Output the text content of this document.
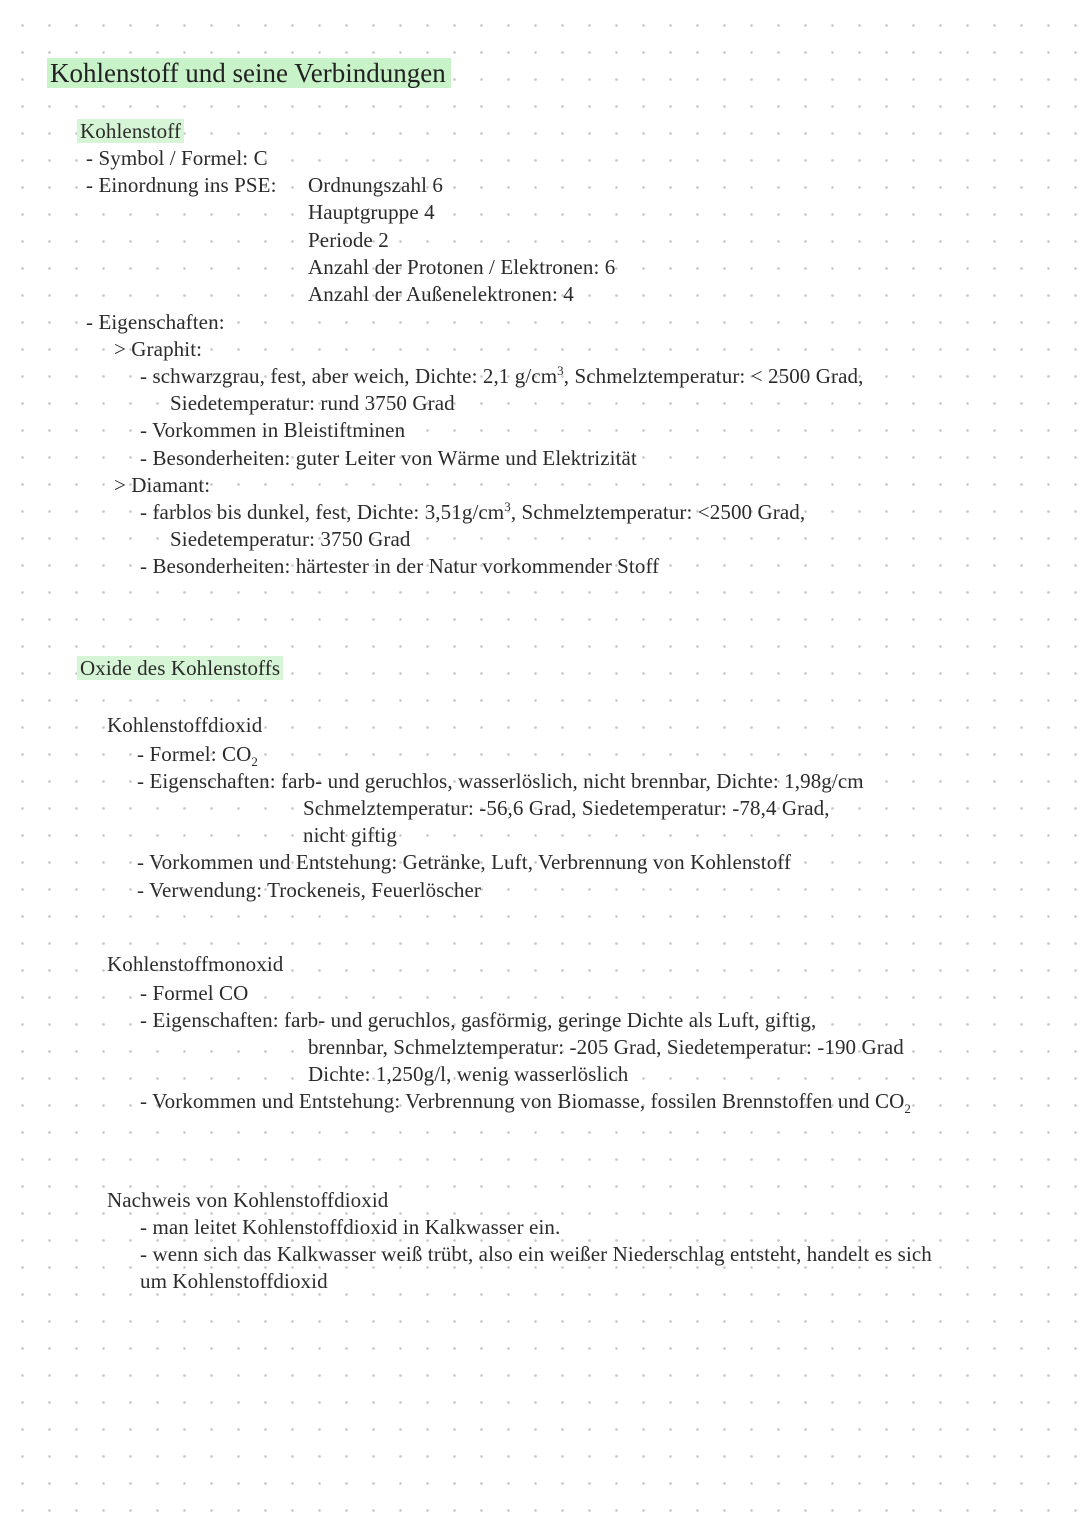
Kohlenstoff und seine Verbindungen
Kohlenstoff
- Symbol / Formel: C
- Einordnung ins PSE: Ordnungszahl 6
Hauptgruppe 4
Periode 2
Anzahl der Protonen / Elektronen: 6
Anzahl der Außenelektronen: 4
- Eigenschaften:
> Graphit:
- schwarzgrau, fest, aber weich, Dichte: 2,1 $g/cm^3$, Schmelztemperatur: < 2500 Grad,
Siedetemperatur: rund 3750 Grad
- Vorkommen in Bleistiftminen
- Besonderheiten: guter Leiter von Wärme und Elektrizität
> Diamant:
- farblos bis dunkel, fest, Dichte: $3,51g/cm^3$, Schmelztemperatur: <2500 Grad,
Siedetemperatur: 3750 Grad
- Besonderheiten: härtester in der Natur vorkommender Stoff
Oxide des Kohlenstoffs
Kohlenstoffdioxid
- Formel: $CO_2$
- Eigenschaften: farb- und geruchlos, wasserlöslich, nicht brennbar, Dichte: 1,98g/cm
Schmelztemperatur: -56,6 Grad, Siedetemperatur: -78,4 Grad,
nicht giftig
- Vorkommen und Entstehung: Getränke, Luft, Verbrennung von Kohlenstoff
- Verwendung: Trockeneis, Feuerlöscher
Kohlenstoffmonoxid
- Formel CO
- Eigenschaften: farb- und geruchlos, gasförmig, geringe Dichte als Luft, giftig,
brennbar, Schmelztemperatur: -205 Grad, Siedetemperatur: -190 Grad
Dichte: 1,250g/l, wenig wasserlöslich
- Vorkommen und Entstehung: Verbrennung von Biomasse, fossilen Brennstoffen und $CO_2$
Nachweis von Kohlenstoffdioxid
- man leitet Kohlenstoffdioxid in Kalkwasser ein.
- wenn sich das Kalkwasser weiß trübt, also ein weißer Niederschlag entsteht, handelt es sich
um Kohlenstoffdioxid
